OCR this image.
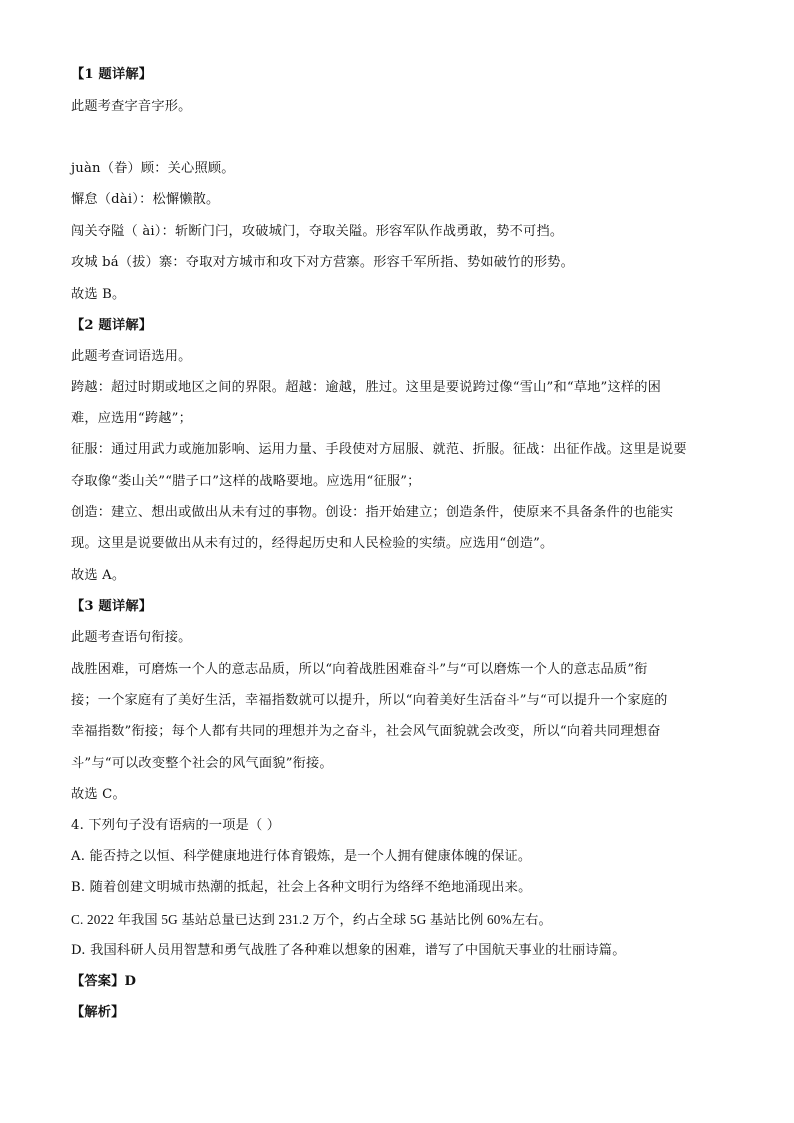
【1 题详解】
此题考查字音字形。
juàn（眷）顾：关心照顾。
懈怠（dài）：松懈懒散。
闯关夺隘（ ài）：斩断门闩，攻破城门，夺取关隘。形容军队作战勇敢，势不可挡。
攻城 bá（拔）寨：夺取对方城市和攻下对方营寨。形容千军所指、势如破竹的形势。
故选 B。
【2 题详解】
此题考查词语选用。
跨越：超过时期或地区之间的界限。超越：逾越，胜过。这里是要说跨过像“雪山”和“草地”这样的困
难，应选用“跨越”；
征服：通过用武力或施加影响、运用力量、手段使对方屈服、就范、折服。征战：出征作战。这里是说要
夺取像“娄山关”“腊子口”这样的战略要地。应选用“征服”；
创造：建立、想出或做出从未有过的事物。创设：指开始建立；创造条件，使原来不具备条件的也能实
现。这里是说要做出从未有过的，经得起历史和人民检验的实绩。应选用“创造”。
故选 A。
【3 题详解】
此题考查语句衔接。
战胜困难，可磨炼一个人的意志品质，所以“向着战胜困难奋斗”与“可以磨炼一个人的意志品质”衔
接；一个家庭有了美好生活，幸福指数就可以提升，所以“向着美好生活奋斗”与“可以提升一个家庭的
幸福指数”衔接；每个人都有共同的理想并为之奋斗，社会风气面貌就会改变，所以“向着共同理想奋
斗”与“可以改变整个社会的风气面貌”衔接。
故选 C。
4. 下列句子没有语病的一项是（ ）
A. 能否持之以恒、科学健康地进行体育锻炼，是一个人拥有健康体魄的保证。
B. 随着创建文明城市热潮的抵起，社会上各种文明行为络绎不绝地涌现出来。
C. 2022 年我国 5G 基站总量已达到 231.2 万个，约占全球 5G 基站比例 60%左右。
D. 我国科研人员用智慧和勇气战胜了各种难以想象的困难，谱写了中国航天事业的壮丽诗篇。
【答案】D
【解析】
